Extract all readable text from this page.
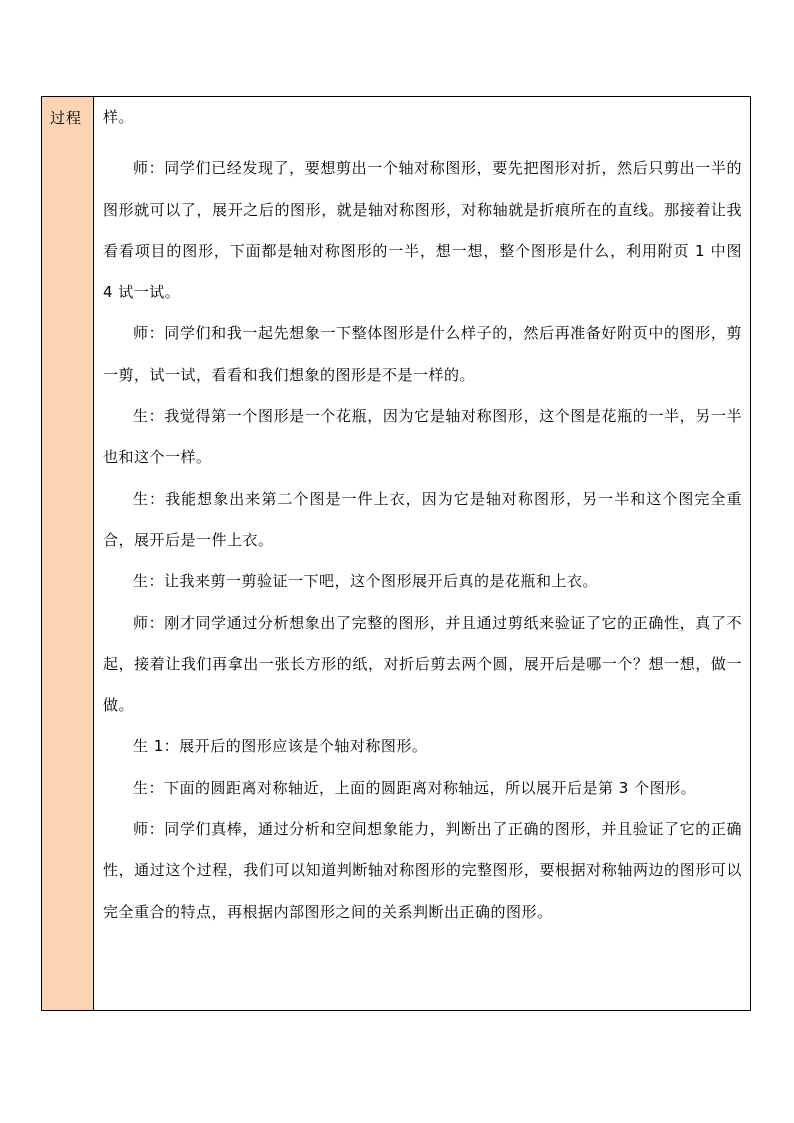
过程 样。

师：同学们已经发现了，要想剪出一个轴对称图形，要先把图形对折，然后只剪出一半的图形就可以了，展开之后的图形，就是轴对称图形，对称轴就是折痕所在的直线。那接着让我看看项目的图形，下面都是轴对称图形的一半，想一想，整个图形是什么，利用附页 1 中图 4 试一试。

师：同学们和我一起先想象一下整体图形是什么样子的，然后再准备好附页中的图形，剪一剪，试一试，看看和我们想象的图形是不是一样的。

生：我觉得第一个图形是一个花瓶，因为它是轴对称图形，这个图是花瓶的一半，另一半也和这个一样。

生：我能想象出来第二个图是一件上衣，因为它是轴对称图形，另一半和这个图完全重合，展开后是一件上衣。

生：让我来剪一剪验证一下吧，这个图形展开后真的是花瓶和上衣。

师：刚才同学通过分析想象出了完整的图形，并且通过剪纸来验证了它的正确性，真了不起，接着让我们再拿出一张长方形的纸，对折后剪去两个圆，展开后是哪一个？想一想，做一做。

生 1：展开后的图形应该是个轴对称图形。

生：下面的圆距离对称轴近，上面的圆距离对称轴远，所以展开后是第 3 个图形。

师：同学们真棒，通过分析和空间想象能力，判断出了正确的图形，并且验证了它的正确性，通过这个过程，我们可以知道判断轴对称图形的完整图形，要根据对称轴两边的图形可以完全重合的特点，再根据内部图形之间的关系判断出正确的图形。
